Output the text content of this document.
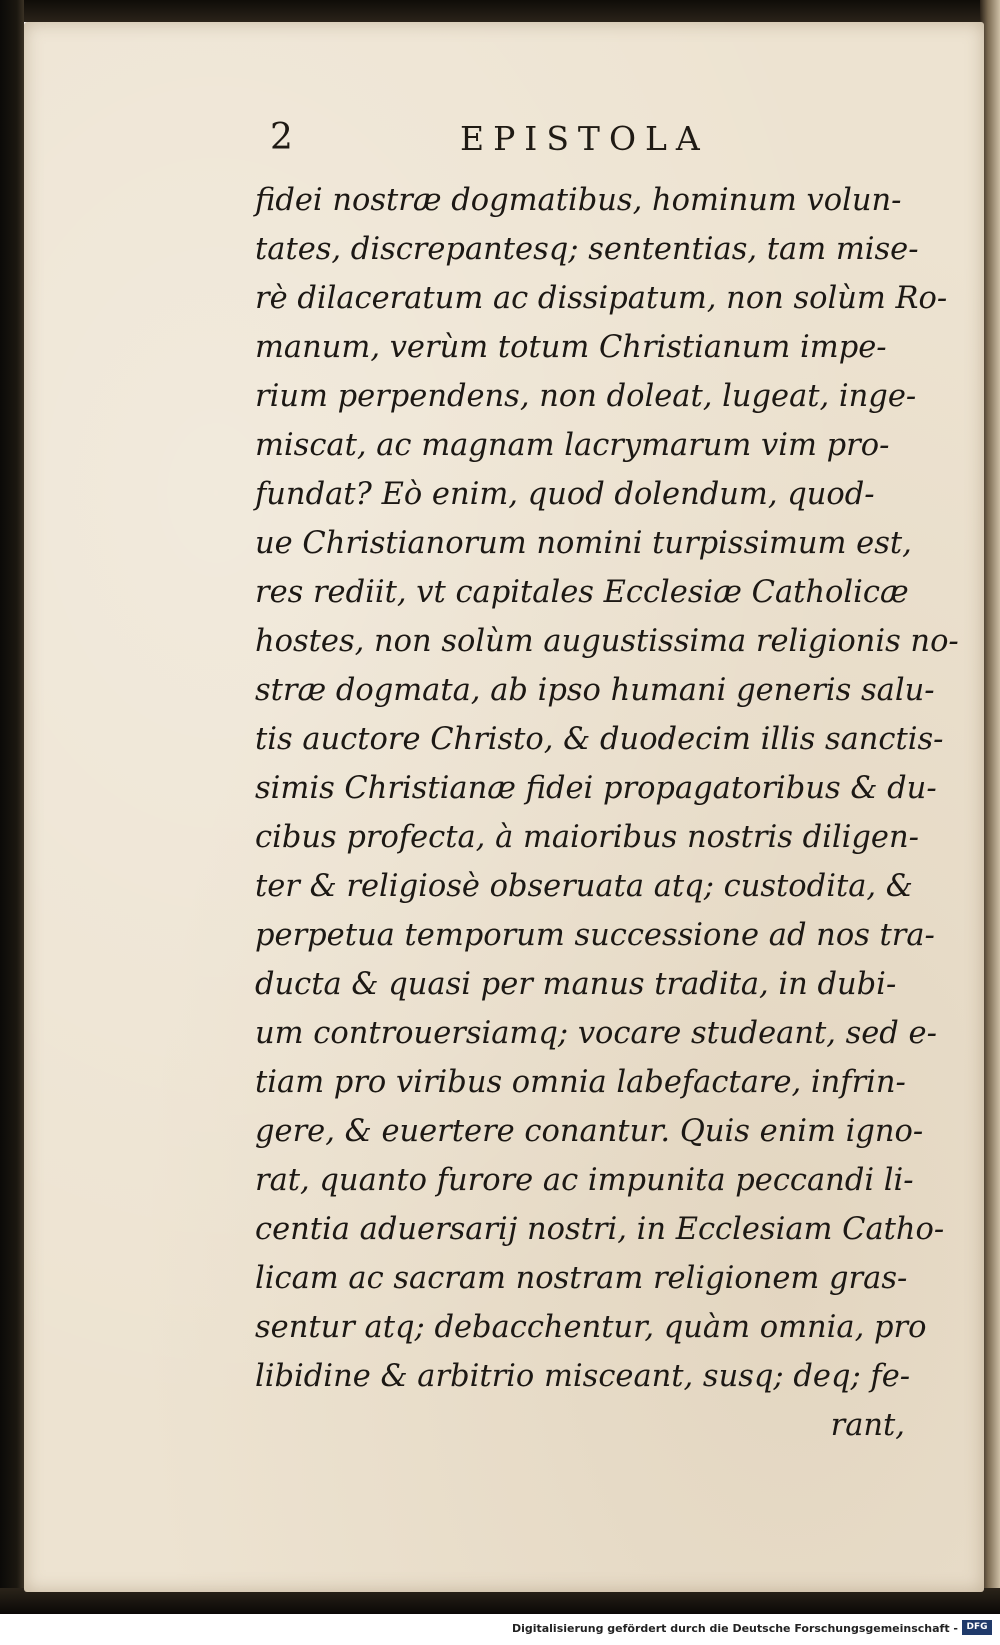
2	EPISTOLA
fidei nostræ dogmatibus, hominum volun-
tates, discrepantesq; sententias, tam mise-
rè dilaceratum ac dissipatum, non solùm Ro-
manum, verùm totum Christianum impe-
rium perpendens, non doleat, lugeat, inge-
miscat, ac magnam lacrymarum vim pro-
fundat? Eò enim, quod dolendum, quod-
ue Christianorum nomini turpissimum est,
res rediit, vt capitales Ecclesiæ Catholicæ
hostes, non solùm augustissima religionis no-
stræ dogmata, ab ipso humani generis salu-
tis auctore Christo, & duodecim illis sanctis-
simis Christianæ fidei propagatoribus & du-
cibus profecta, à maioribus nostris diligen-
ter & religiosè obseruata atq; custodita, &
perpetua temporum successione ad nos tra-
ducta & quasi per manus tradita, in dubi-
um controuersiamq; vocare studeant, sed e-
tiam pro viribus omnia labefactare, infrin-
gere, & euertere conantur. Quis enim igno-
rat, quanto furore ac impunita peccandi li-
centia aduersarij nostri, in Ecclesiam Catho-
licam ac sacram nostram religionem gras-
sentur atq; debacchentur, quàm omnia, pro
libidine & arbitrio misceant, susq; deq; fe-
rant,
Digitalisierung gefördert durch die Deutsche Forschungsgemeinschaft - DFG
